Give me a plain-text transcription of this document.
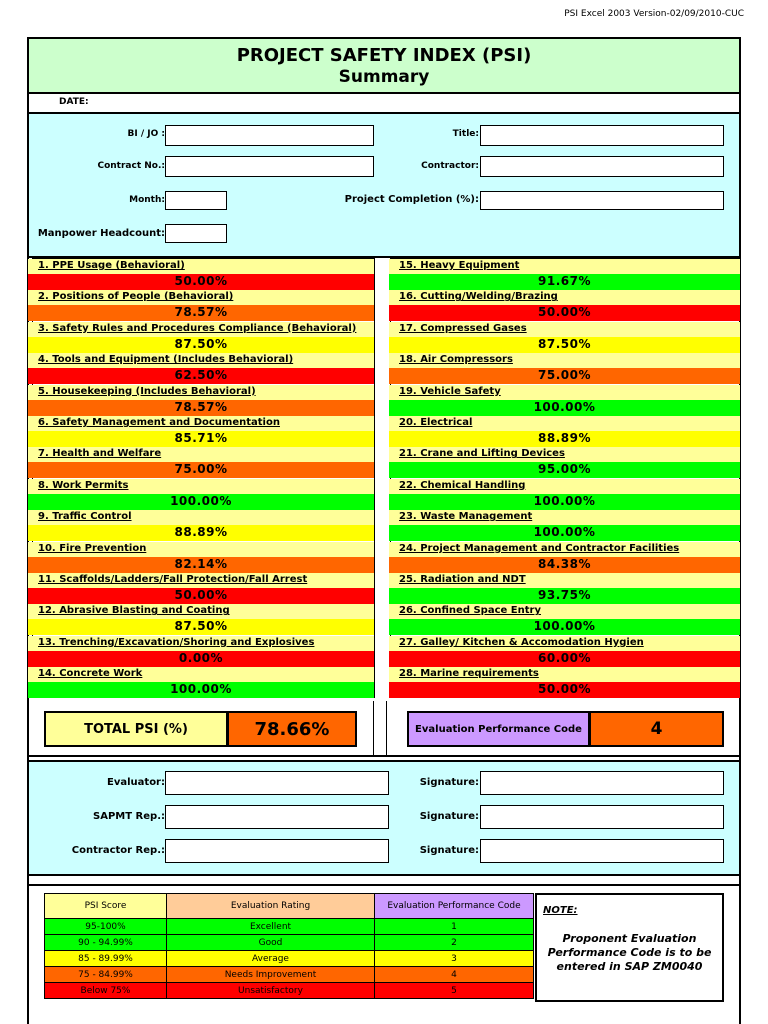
PSI Excel 2003 Version-02/09/2010-CUC
PROJECT SAFETY INDEX (PSI)
Summary
DATE:
BI / JO :	Title:
Contract No.:	Contractor:
Month:	Project Completion (%):
Manpower Headcount:
TOTAL PSI (%)	78.66%	Evaluation Performance Code	4
Evaluator:	Signature:
SAPMT Rep.:	Signature:
Contractor Rep.:	Signature:
PSI Score	Evaluation Rating	Evaluation Performance Code
95-100%	Excellent	1
90 - 94.99%	Good	2
85 - 89.99%	Average	3
75 - 84.99%	Needs Improvement	4
Below 75%	Unsatisfactory	5
NOTE:
Proponent Evaluation Performance Code is to be entered in SAP ZM0040
1. PPE Usage (Behavioral)
50.00%
2. Positions of People (Behavioral)
78.57%
3. Safety Rules and Procedures Compliance (Behavioral)
87.50%
4. Tools and Equipment (Includes Behavioral)
62.50%
5. Housekeeping (Includes Behavioral)
78.57%
6. Safety Management and Documentation
85.71%
7. Health and Welfare
75.00%
8. Work Permits
100.00%
9. Traffic Control
88.89%
10. Fire Prevention
82.14%
11. Scaffolds/Ladders/Fall Protection/Fall Arrest
50.00%
12. Abrasive Blasting and Coating
87.50%
13. Trenching/Excavation/Shoring and Explosives
0.00%
14. Concrete Work
100.00%
15. Heavy Equipment
91.67%
16. Cutting/Welding/Brazing
50.00%
17. Compressed Gases
87.50%
18. Air Compressors
75.00%
19. Vehicle Safety
100.00%
20. Electrical
88.89%
21. Crane and Lifting Devices
95.00%
22. Chemical Handling
100.00%
23. Waste Management
100.00%
24. Project Management and Contractor Facilities
84.38%
25. Radiation and NDT
93.75%
26. Confined Space Entry
100.00%
27. Galley/ Kitchen & Accomodation Hygien
60.00%
28. Marine requirements
50.00%
